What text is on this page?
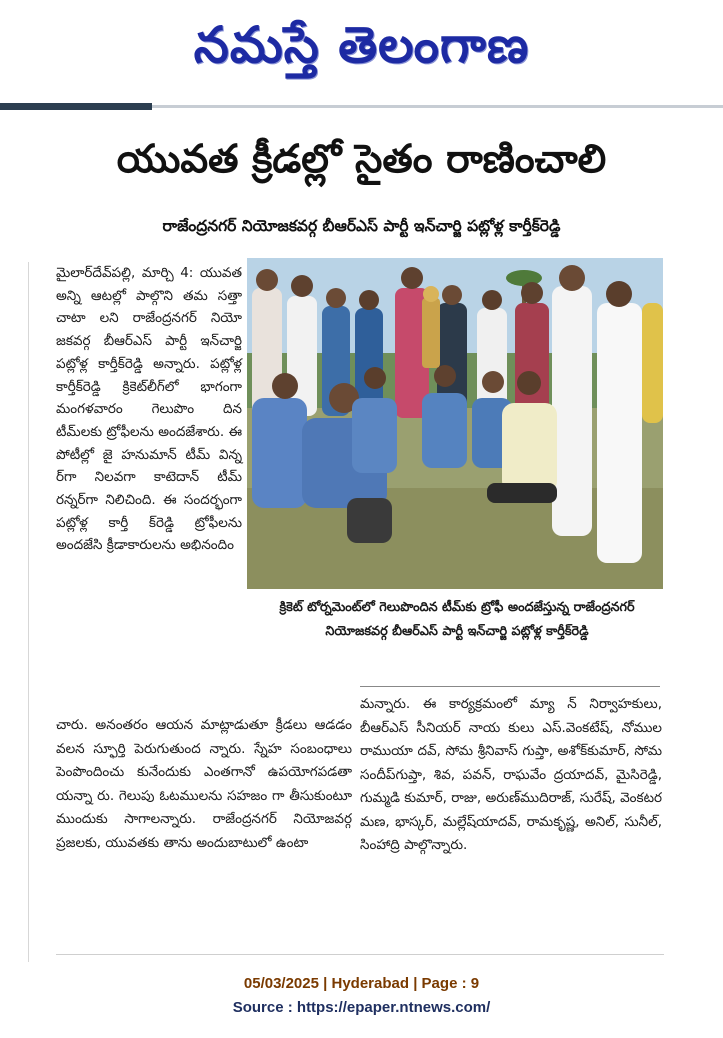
నమస్తే తెలంగాణ
యువత క్రీడల్లో సైతం రాణించాలి
రాజేంద్రనగర్ నియోజకవర్గ బీఆర్ఎస్ పార్టీ ఇన్‌చార్జి పట్లోళ్ల కార్తీక్‌రెడ్డి

మైలార్‌దేవ్‌పల్లి, మార్చి 4: యువత అన్ని ఆటల్లో పాల్గొని తమ సత్తా చాటా లని రాజేంద్రనగర్ నియో జకవర్గ బీఆర్ఎస్ పార్టీ ఇన్‌చార్జి పట్లోళ్ల కార్తీక్‌రెడ్డి అన్నారు. పట్లోళ్ల కార్తీక్‌రెడ్డి క్రికెట్‌లీగ్‌లో భాగంగా మంగళవారం గెలుపొం దిన టీమ్‌లకు ట్రోఫీలను అందజేశారు. ఈ పోటీల్లో జై హనుమాన్ టీమ్ విన్న ర్‌గా నిలవగా కాటెదాన్ టీమ్ రన్నర్‌గా నిలిచింది. ఈ సందర్భంగా పట్లోళ్ల కార్తీ క్‌రెడ్డి ట్రోఫీలను అందజేసి క్రీడాకారులను అభినందిం

క్రికెట్ టోర్నమెంట్‌లో గెలుపొందిన టీమ్‌కు ట్రోఫీ అందజేస్తున్న రాజేంద్రనగర్ నియోజకవర్గ బీఆర్ఎస్ పార్టీ ఇన్‌చార్జి పట్లోళ్ల కార్తీక్‌రెడ్డి

మన్నారు. ఈ కార్యక్రమంలో మ్యా న్ నిర్వాహకులు, బీఆర్ఎస్ సీనియర్ నాయ కులు ఎస్.వెంకటేష్, నోముల రాముయా దవ్, సోమ శ్రీనివాస్ గుప్తా, అశోక్‌కుమార్, సోమ సందీప్‌గుప్తా, శివ, పవన్, రాఘవేం ద్రయాదవ్, మైసిరెడ్డి, గుమ్మడి కుమార్, రాజు, అరుణ్‌ముదిరాజ్, సురేష్, వెంకటర మణ, భాస్కర్, మల్లేష్‌యాదవ్, రామకృష్ణ, అనిల్, సునీల్, సింహాద్రి పాల్గొన్నారు.

చారు. అనంతరం ఆయన మాట్లాడుతూ క్రీడలు ఆడడం వలన స్ఫూర్తి పెరుగుతుంద న్నారు. స్నేహ సంబంధాలు పెంపొందించు కునేందుకు ఎంతగానో ఉపయోగపడతా యన్నా రు. గెలుపు ఓటములను సహజం గా తీసుకుంటూ ముందుకు సాగాలన్నారు. రాజేంద్రనగర్ నియోజవర్గ ప్రజలకు, యువతకు తాను అందుబాటులో ఉంటా

05/03/2025 | Hyderabad | Page : 9
Source : https://epaper.ntnews.com/
